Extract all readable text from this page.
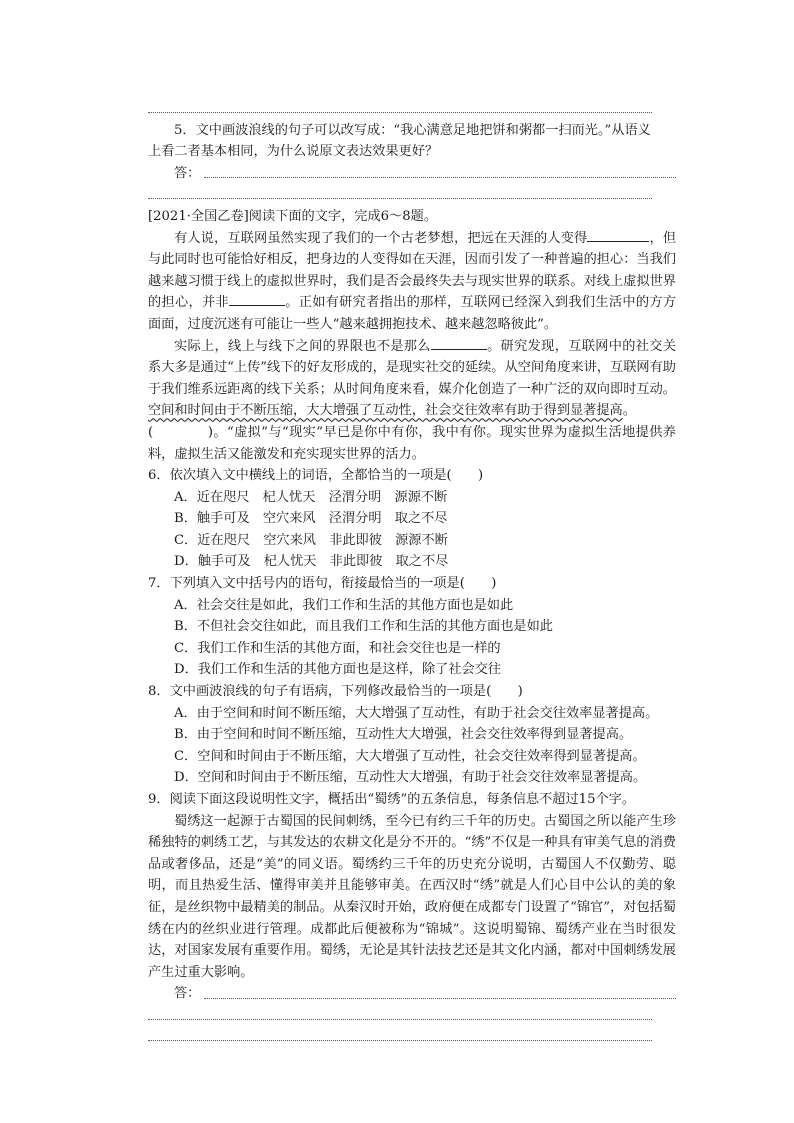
5．文中画波浪线的句子可以改写成：“我心满意足地把饼和粥都一扫而光。”从语义
上看二者基本相同，为什么说原文表达效果更好？
答：
[2021·全国乙卷]阅读下面的文字，完成6～8题。
有人说，互联网虽然实现了我们的一个古老梦想，把远在天涯的人变得	，但与此同时也可能恰好相反，把身边的人变得如在天涯，因而引发了一种普遍的担心：当我们越来越习惯于线上的虚拟世界时，我们是否会最终失去与现实世界的联系。对线上虚拟世界的担心，并非	。正如有研究者指出的那样，互联网已经深入到我们生活中的方方面面，过度沉迷有可能让一些人“越来越拥抱技术、越来越忽略彼此”。
实际上，线上与线下之间的界限也不是那么	。研究发现，互联网中的社交关系大多是通过“上传”线下的好友形成的，是现实社交的延续。从空间角度来讲，互联网有助于我们维系远距离的线下关系；从时间角度来看，媒介化创造了一种广泛的双向即时互动。空间和时间由于不断压缩，大大增强了互动性，社会交往效率有助于得到显著提高。
(　　　　)。“虚拟”与“现实”早已是你中有你，我中有你。现实世界为虚拟生活地提供养料，虚拟生活又能激发和充实现实世界的活力。
6．依次填入文中横线上的词语，全都恰当的一项是(　　)
A．近在咫尺　杞人忧天　泾渭分明　源源不断
B．触手可及　空穴来风　泾渭分明　取之不尽
C．近在咫尺　空穴来风　非此即彼　源源不断
D．触手可及　杞人忧天　非此即彼　取之不尽
7．下列填入文中括号内的语句，衔接最恰当的一项是(　　)
A．社会交往是如此，我们工作和生活的其他方面也是如此
B．不但社会交往如此，而且我们工作和生活的其他方面也是如此
C．我们工作和生活的其他方面，和社会交往也是一样的
D．我们工作和生活的其他方面也是这样，除了社会交往
8．文中画波浪线的句子有语病，下列修改最恰当的一项是(　　)
A．由于空间和时间不断压缩，大大增强了互动性，有助于社会交往效率显著提高。
B．由于空间和时间不断压缩，互动性大大增强，社会交往效率得到显著提高。
C．空间和时间由于不断压缩，大大增强了互动性，社会交往效率得到显著提高。
D．空间和时间由于不断压缩，互动性大大增强，有助于社会交往效率显著提高。
9．阅读下面这段说明性文字，概括出“蜀绣”的五条信息，每条信息不超过15个字。
蜀绣这一起源于古蜀国的民间刺绣，至今已有约三千年的历史。古蜀国之所以能产生珍稀独特的刺绣工艺，与其发达的农耕文化是分不开的。“绣”不仅是一种具有审美气息的消费品或奢侈品，还是“美”的同义语。蜀绣约三千年的历史充分说明，古蜀国人不仅勤劳、聪明，而且热爱生活、懂得审美并且能够审美。在西汉时“绣”就是人们心目中公认的美的象征，是丝织物中最精美的制品。从秦汉时开始，政府便在成都专门设置了“锦官”，对包括蜀绣在内的丝织业进行管理。成都此后便被称为“锦城”。这说明蜀锦、蜀绣产业在当时很发达，对国家发展有重要作用。蜀绣，无论是其针法技艺还是其文化内涵，都对中国刺绣发展产生过重大影响。
答：
